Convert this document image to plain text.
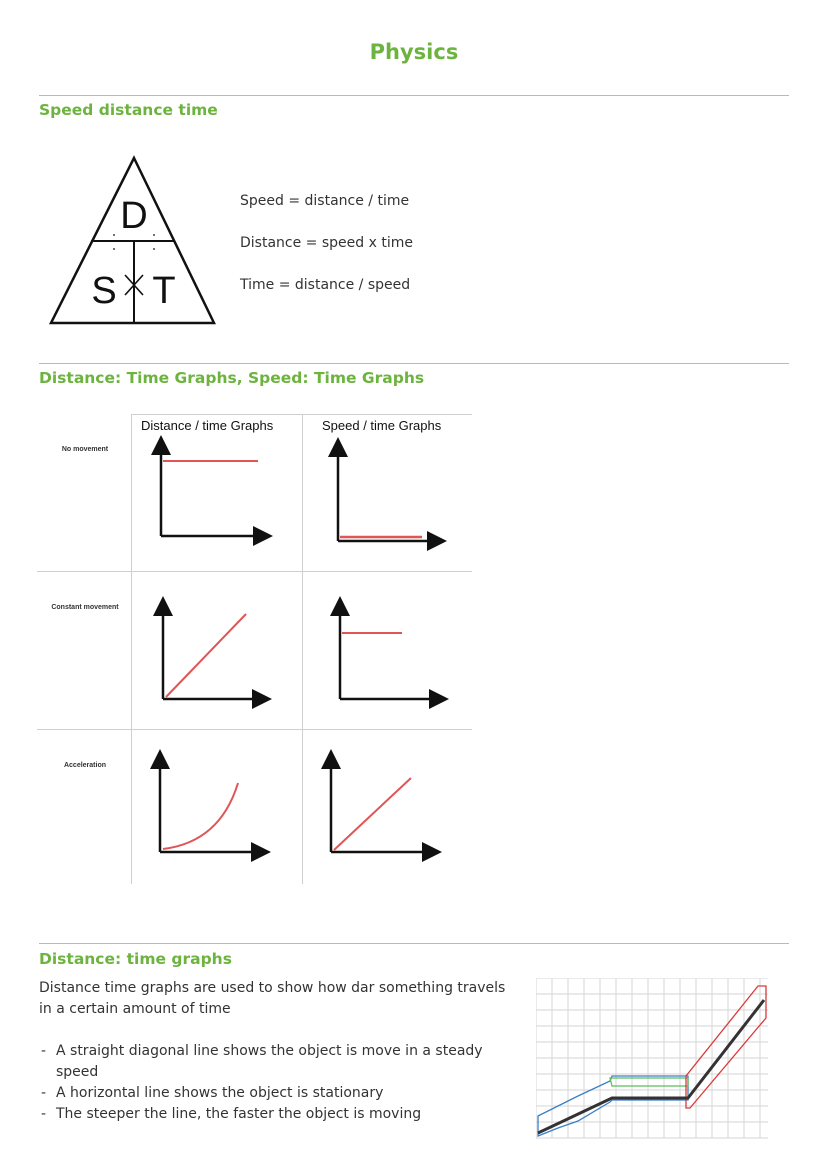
Physics
Speed distance time
D
S T
Speed = distance / time
Distance = speed x time
Time = distance / speed
Distance: Time Graphs, Speed: Time Graphs
Distance / time Graphs	Speed / time Graphs
No movement
Constant movement
Acceleration
Distance: time graphs
Distance time graphs are used to show how dar something travels in a certain amount of time
- A straight diagonal line shows the object is move in a steady speed
- A horizontal line shows the object is stationary
- The steeper the line, the faster the object is moving
